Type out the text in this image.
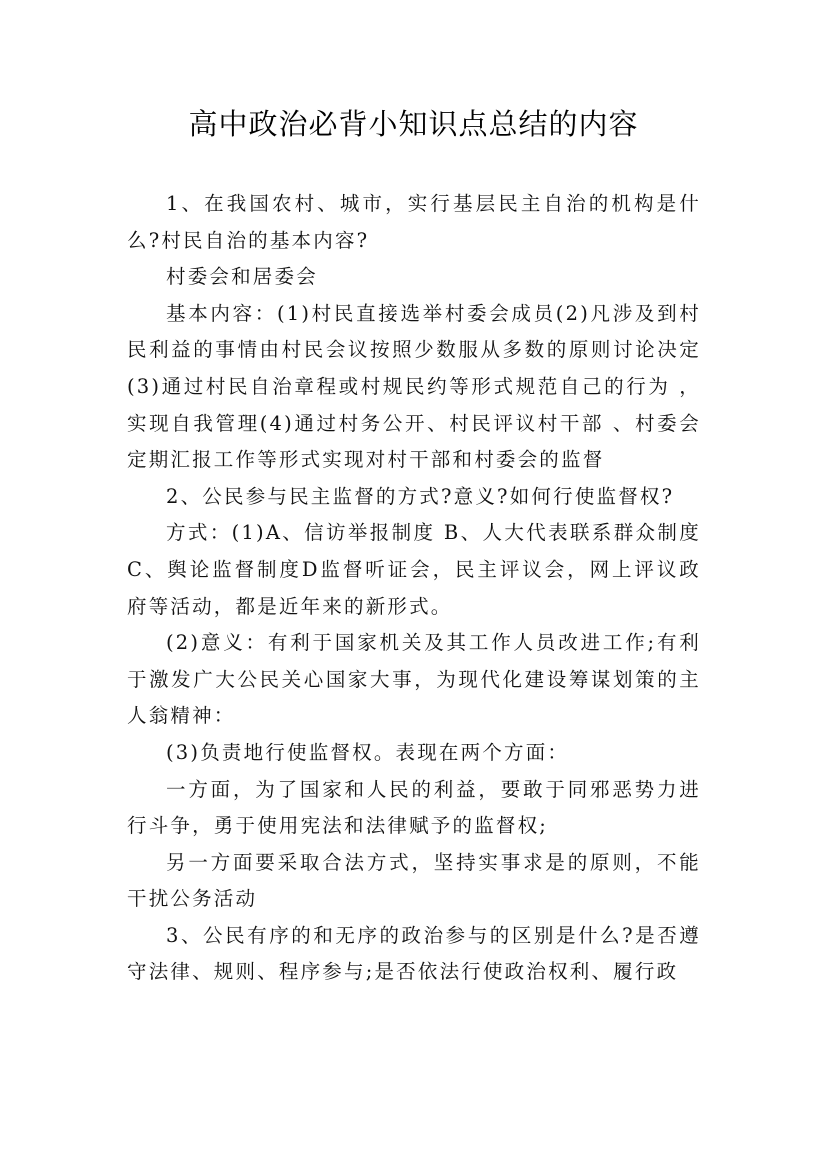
高中政治必背小知识点总结的内容

1、在我国农村、城市，实行基层民主自治的机构是什么?村民自治的基本内容?

村委会和居委会

基本内容：(1)村民直接选举村委会成员(2)凡涉及到村民利益的事情由村民会议按照少数服从多数的原则讨论决定(3)通过村民自治章程或村规民约等形式规范自己的行为 ，实现自我管理(4)通过村务公开、村民评议村干部 、村委会定期汇报工作等形式实现对村干部和村委会的监督

2、公民参与民主监督的方式?意义?如何行使监督权?

方式：(1)A、信访举报制度 B、人大代表联系群众制度 C、舆论监督制度D监督听证会，民主评议会，网上评议政府等活动，都是近年来的新形式。

(2)意义：有利于国家机关及其工作人员改进工作;有利于激发广大公民关心国家大事，为现代化建设筹谋划策的主人翁精神：

(3)负责地行使监督权。表现在两个方面：

一方面，为了国家和人民的利益，要敢于同邪恶势力进行斗争，勇于使用宪法和法律赋予的监督权;

另一方面要采取合法方式，坚持实事求是的原则，不能干扰公务活动

3、公民有序的和无序的政治参与的区别是什么?是否遵守法律、规则、程序参与;是否依法行使政治权利、履行政
